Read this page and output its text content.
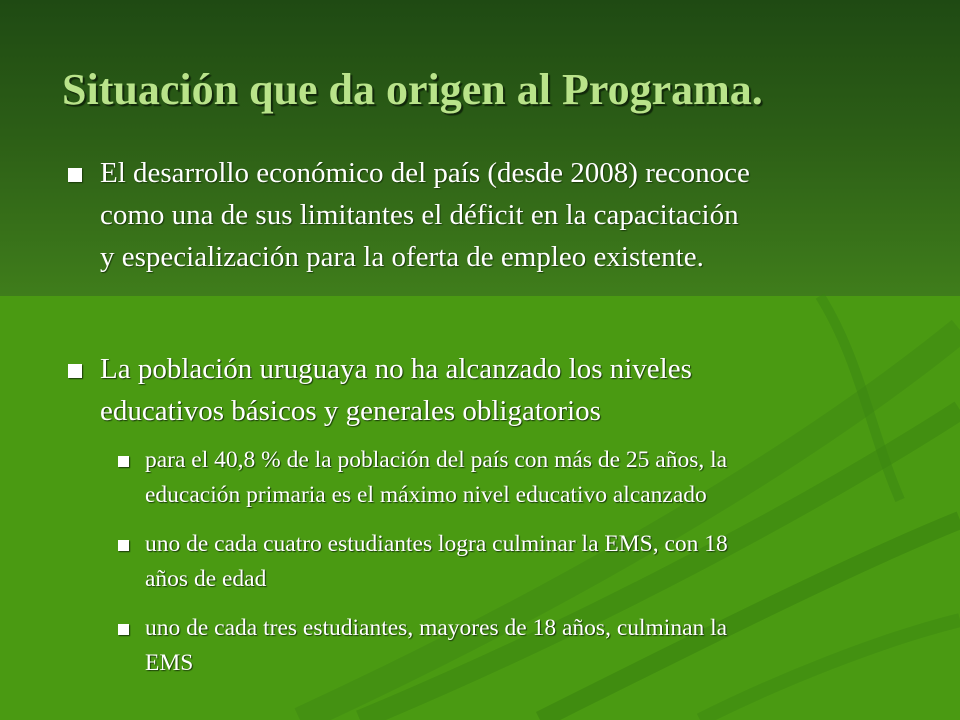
Situación que da origen al Programa.
El desarrollo económico del país (desde 2008) reconoce
como una de sus limitantes el déficit en la capacitación
y especialización para la oferta de empleo existente.
La población uruguaya no ha alcanzado los niveles
educativos básicos y generales obligatorios
para el 40,8 % de la población del país con más de 25 años, la
educación primaria es el máximo nivel educativo alcanzado
uno de cada cuatro estudiantes logra culminar la EMS, con 18
años de edad
uno de cada tres estudiantes, mayores de 18 años, culminan la
EMS
